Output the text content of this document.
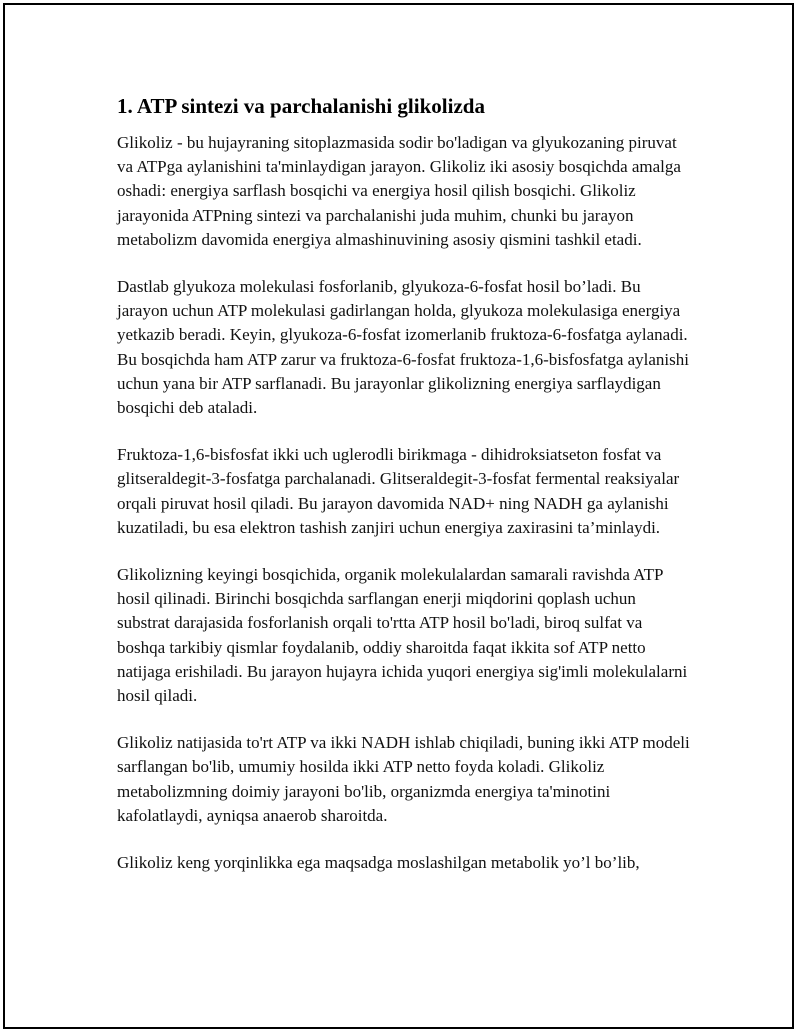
1. ATP sintezi va parchalanishi glikolizda

Glikoliz - bu hujayraning sitoplazmasida sodir bo'ladigan va glyukozaning piruvat va ATPga aylanishini ta'minlaydigan jarayon. Glikoliz iki asosiy bosqichda amalga oshadi: energiya sarflash bosqichi va energiya hosil qilish bosqichi. Glikoliz jarayonida ATPning sintezi va parchalanishi juda muhim, chunki bu jarayon metabolizm davomida energiya almashinuvining asosiy qismini tashkil etadi.

Dastlab glyukoza molekulasi fosforlanib, glyukoza-6-fosfat hosil bo’ladi. Bu jarayon uchun ATP molekulasi gadirlangan holda, glyukoza molekulasiga energiya yetkazib beradi. Keyin, glyukoza-6-fosfat izomerlanib fruktoza-6-fosfatga aylanadi. Bu bosqichda ham ATP zarur va fruktoza-6-fosfat fruktoza-1,6-bisfosfatga aylanishi uchun yana bir ATP sarflanadi. Bu jarayonlar glikolizning energiya sarflaydigan bosqichi deb ataladi.

Fruktoza-1,6-bisfosfat ikki uch uglerodli birikmaga - dihidroksiatseton fosfat va glitseraldegit-3-fosfatga parchalanadi. Glitseraldegit-3-fosfat fermental reaksiyalar orqali piruvat hosil qiladi. Bu jarayon davomida NAD+ ning NADH ga aylanishi kuzatiladi, bu esa elektron tashish zanjiri uchun energiya zaxirasini ta’minlaydi.

Glikolizning keyingi bosqichida, organik molekulalardan samarali ravishda ATP hosil qilinadi. Birinchi bosqichda sarflangan enerji miqdorini qoplash uchun substrat darajasida fosforlanish orqali to'rtta ATP hosil bo'ladi, biroq sulfat va boshqa tarkibiy qismlar foydalanib, oddiy sharoitda faqat ikkita sof ATP netto natijaga erishiladi. Bu jarayon hujayra ichida yuqori energiya sig'imli molekulalarni hosil qiladi.

Glikoliz natijasida to'rt ATP va ikki NADH ishlab chiqiladi, buning ikki ATP modeli sarflangan bo'lib, umumiy hosilda ikki ATP netto foyda koladi. Glikoliz metabolizmning doimiy jarayoni bo'lib, organizmda energiya ta'minotini kafolatlaydi, ayniqsa anaerob sharoitda.

Glikoliz keng yorqinlikka ega maqsadga moslashilgan metabolik yo’l bo’lib,
